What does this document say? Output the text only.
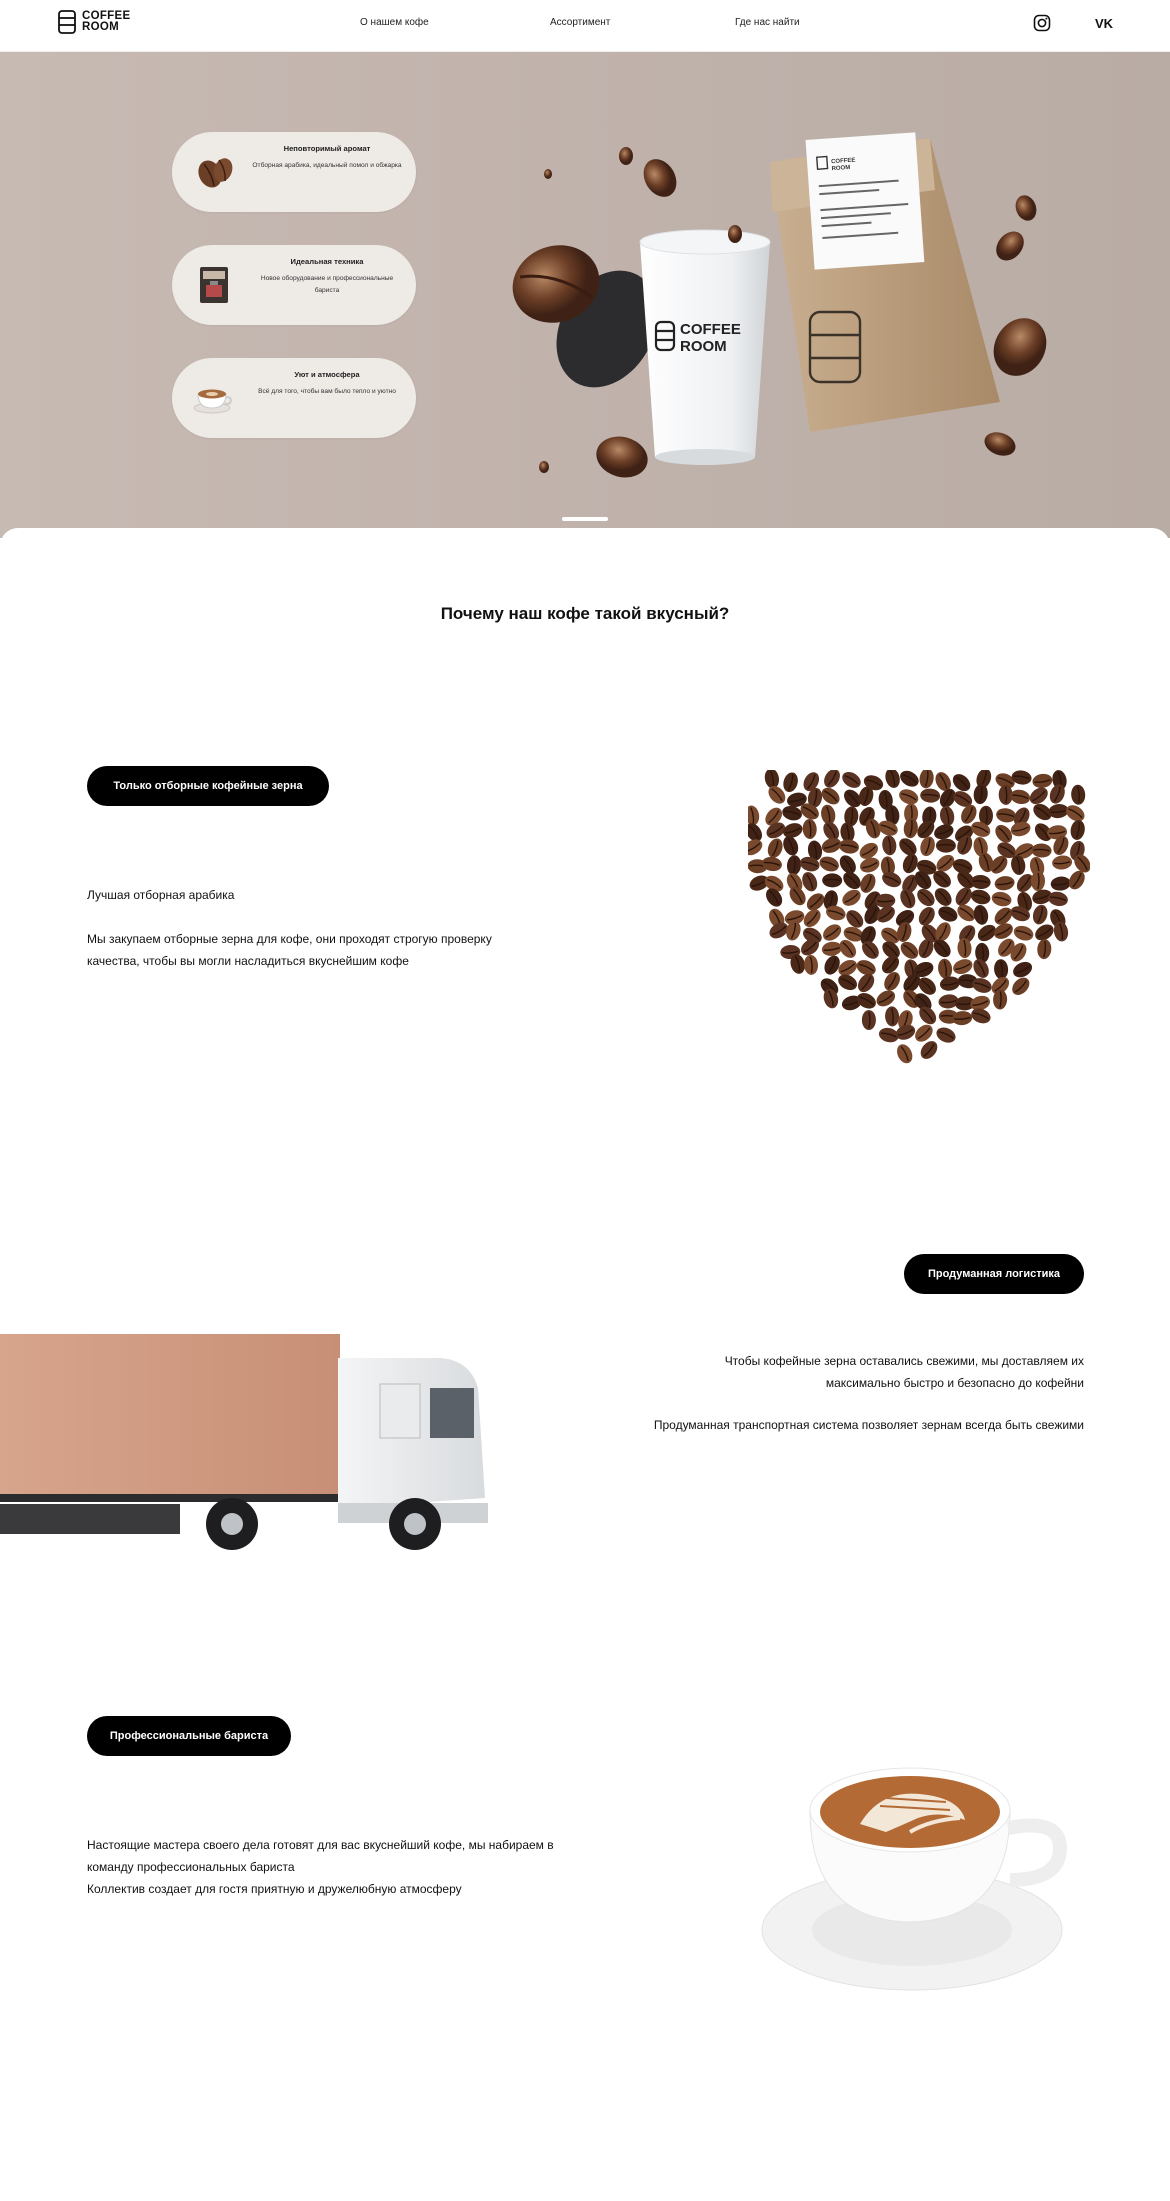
COFFEE
ROOM	О нашем кофе	Ассортимент	Где нас найти	VK
Неповторимый аромат
Отборная арабика, идеальный помол и обжарка
Идеальная техника
Новое оборудование и профессиональные бариста
Уют и атмосфера
Всё для того, чтобы вам было тепло и уютно
COFFEE
ROOM
COFFEE
ROOM
Почему наш кофе такой вкусный?
Только отборные кофейные зерна

Лучшая отборная арабика

Мы закупаем отборные зерна для кофе, они проходят строгую проверку качества, чтобы вы могли насладиться вкуснейшим кофе

Продуманная логистика

Чтобы кофейные зерна оставались свежими, мы доставляем их максимально быстро и безопасно до кофейни

Продуманная транспортная система позволяет зернам всегда быть свежими

Профессиональные бариста

Настоящие мастера своего дела готовят для вас вкуснейший кофе, мы набираем в команду профессиональных бариста

Коллектив создает для гостя приятную и дружелюбную атмосферу
